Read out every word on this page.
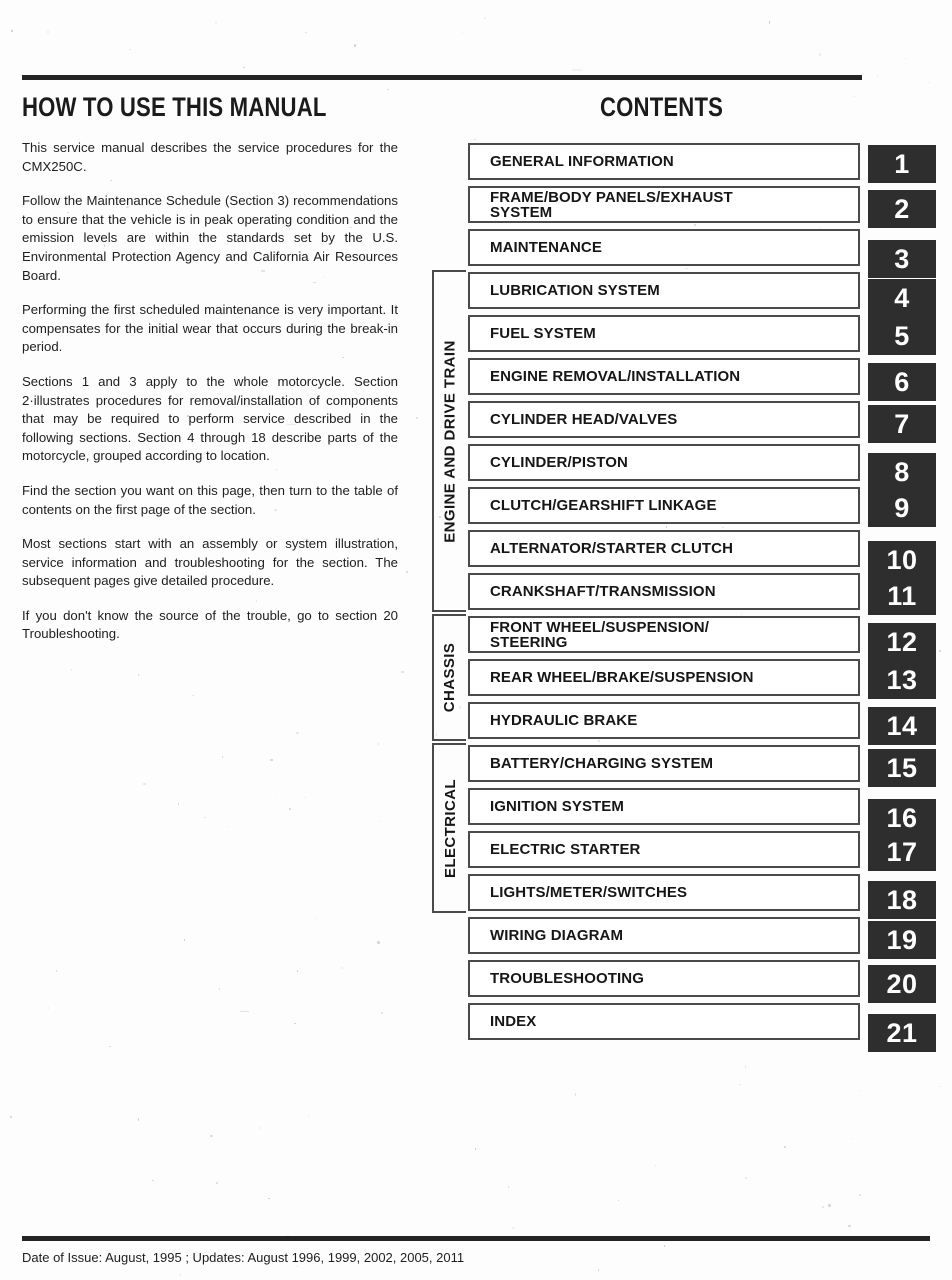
HOW TO USE THIS MANUAL	CONTENTS

This service manual describes the service procedures for the CMX250C.

Follow the Maintenance Schedule (Section 3) recommendations to ensure that the vehicle is in peak operating condition and the emission levels are within the standards set by the U.S. Environmental Protection Agency and California Air Resources Board.

Performing the first scheduled maintenance is very important. It compensates for the initial wear that occurs during the break-in period.

Sections 1 and 3 apply to the whole motorcycle. Section 2·illustrates procedures for removal/installation of components that may be required to perform service described in the following sections. Section 4 through 18 describe parts of the motorcycle, grouped according to location.

Find the section you want on this page, then turn to the table of contents on the first page of the section.

Most sections start with an assembly or system illustration, service information and troubleshooting for the section. The subsequent pages give detailed procedure.

If you don't know the source of the trouble, go to section 20 Troubleshooting.

GENERAL INFORMATION	1
FRAME/BODY PANELS/EXHAUST
SYSTEM	2
MAINTENANCE	3
LUBRICATION SYSTEM	4
FUEL SYSTEM	5
ENGINE REMOVAL/INSTALLATION	6
CYLINDER HEAD/VALVES	7
CYLINDER/PISTON	8
CLUTCH/GEARSHIFT LINKAGE	9
ALTERNATOR/STARTER CLUTCH	10
CRANKSHAFT/TRANSMISSION	11
FRONT WHEEL/SUSPENSION/
STEERING	12
REAR WHEEL/BRAKE/SUSPENSION	13
HYDRAULIC BRAKE	14
BATTERY/CHARGING SYSTEM	15
IGNITION SYSTEM	16
ELECTRIC STARTER	17
LIGHTS/METER/SWITCHES	18
WIRING DIAGRAM	19
TROUBLESHOOTING	20
INDEX	21
ENGINE AND DRIVE TRAIN
CHASSIS
ELECTRICAL
Date of Issue: August, 1995 ; Updates: August 1996, 1999, 2002, 2005, 2011
